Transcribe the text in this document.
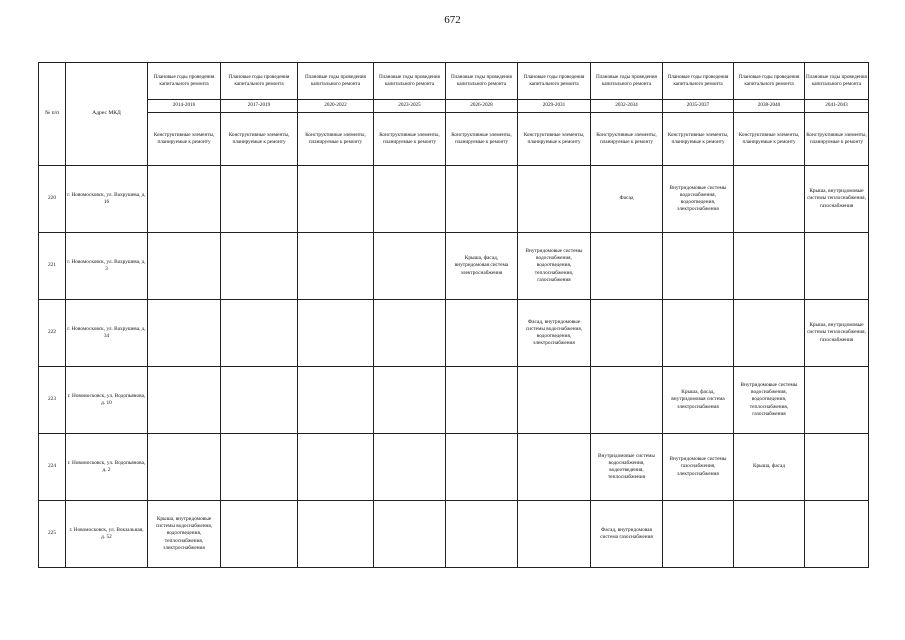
672
№ п/п	Адрес МКД	Плановые годы проведения капитального ремонта	Плановые годы проведения капитального ремонта	Плановые годы проведения капитального ремонта	Плановые годы проведения капитального ремонта	Плановые годы проведения капитального ремонта	Плановые годы проведения капитального ремонта	Плановые годы проведения капитального ремонта	Плановые годы проведения капитального ремонта	Плановые годы проведения капитального ремонта	Плановые годы проведения капитального ремонта
		2014-2016	2017-2019	2020-2022	2023-2025	2026-2028	2029-2031	2032-2034	2035-2037	2038-2040	2041-2043
		Конструктивные элементы, планируемые к ремонту	Конструктивные элементы, планируемые к ремонту	Конструктивные элементы, планируемые к ремонту	Конструктивные элементы, планируемые к ремонту	Конструктивные элементы, планируемые к ремонту	Конструктивные элементы, планируемые к ремонту	Конструктивные элементы, планируемые к ремонту	Конструктивные элементы, планируемые к ремонту	Конструктивные элементы, планируемые к ремонту	Конструктивные элементы, планируемые к ремонту
220	г. Новомосковск, ул. Вахрушева, д. 16							Фасад	Внутридомовые системы водоснабжения, водоотведения, электроснабжения		Крыша, внутридомовые системы теплоснабжения, газоснабжения
221	г. Новомосковск, ул. Вахрушева, д. 3					Крыша, фасад, внутридомовая система электроснабжения	Внутридомовые системы водоснабжения, водоотведения, теплоснабжения, газоснабжения				
222	г. Новомосковск, ул. Вахрушева, д. 34						Фасад, внутридомовые системы водоснабжения, водоотведения, электроснабжения				Крыша, внутридомовые системы теплоснабжения, газоснабжения
223	г. Новомосковск, ул. Водопьянова, д. 10								Крыша, фасад, внутридомовая система электроснабжения	Внутридомовые системы водоснабжения, водоотведения, теплоснабжения, газоснабжения	
224	г. Новомосковск, ул. Водопьянова, д. 2							Внутридомовые системы водоснабжения, водоотведения, теплоснабжения	Внутридомовые системы газоснабжения, электроснабжения	Крыша, фасад	
225	г. Новомосковск, ул. Вокзальная, д. 52	Крыша, внутридомовые системы водоснабжения, водоотведения, теплоснабжения, электроснабжения						Фасад, внутридомовая система газоснабжения			
